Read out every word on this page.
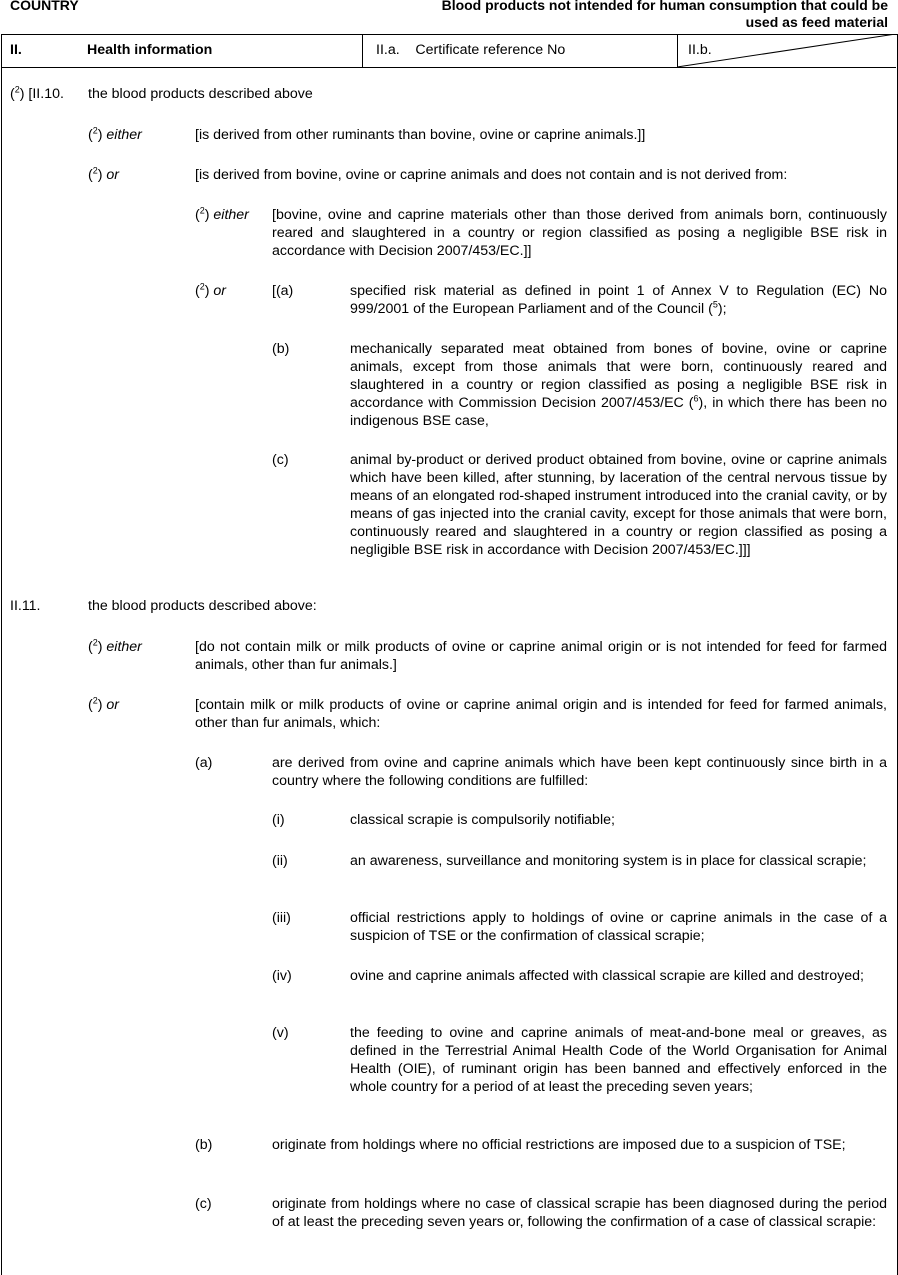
COUNTRY	Blood products not intended for human consumption that could be used as feed material
II.	Health information	II.a.    Certificate reference No	II.b.
($^2$) [II.10. the blood products described above
($^2$) either	[is derived from other ruminants than bovine, ovine or caprine animals.]]
($^2$) or	[is derived from bovine, ovine or caprine animals and does not contain and is not derived from:
($^2$) either [bovine, ovine and caprine materials other than those derived from animals born, continuously reared and slaughtered in a country or region classified as posing a negligible BSE risk in accordance with Decision 2007/453/EC.]]
($^2$) or	[(a)	specified risk material as defined in point 1 of Annex V to Regulation (EC) No 999/2001 of the European Parliament and of the Council ($^5$);
(b)	mechanically separated meat obtained from bones of bovine, ovine or caprine animals, except from those animals that were born, continuously reared and slaughtered in a country or region classified as posing a negligible BSE risk in accordance with Commission Decision 2007/453/EC ($^6$), in which there has been no indigenous BSE case,
(c)	animal by-product or derived product obtained from bovine, ovine or caprine animals which have been killed, after stunning, by laceration of the central nervous tissue by means of an elongated rod-shaped instrument introduced into the cranial cavity, or by means of gas injected into the cranial cavity, except for those animals that were born, continuously reared and slaughtered in a country or region classified as posing a negligible BSE risk in accordance with Decision 2007/453/EC.]]]
II.11.	the blood products described above:
($^2$) either	[do not contain milk or milk products of ovine or caprine animal origin or is not intended for feed for farmed animals, other than fur animals.]
($^2$) or	[contain milk or milk products of ovine or caprine animal origin and is intended for feed for farmed animals, other than fur animals, which:
(a)	are derived from ovine and caprine animals which have been kept continuously since birth in a country where the following conditions are fulfilled:
(i)	classical scrapie is compulsorily notifiable;
(ii)	an awareness, surveillance and monitoring system is in place for classical scrapie;
(iii)	official restrictions apply to holdings of ovine or caprine animals in the case of a suspicion of TSE or the confirmation of classical scrapie;
(iv)	ovine and caprine animals affected with classical scrapie are killed and destroyed;
(v)	the feeding to ovine and caprine animals of meat-and-bone meal or greaves, as defined in the Terrestrial Animal Health Code of the World Organisation for Animal Health (OIE), of ruminant origin has been banned and effectively enforced in the whole country for a period of at least the preceding seven years;
(b)	originate from holdings where no official restrictions are imposed due to a suspicion of TSE;
(c)	originate from holdings where no case of classical scrapie has been diagnosed during the period of at least the preceding seven years or, following the confirmation of a case of classical scrapie:
